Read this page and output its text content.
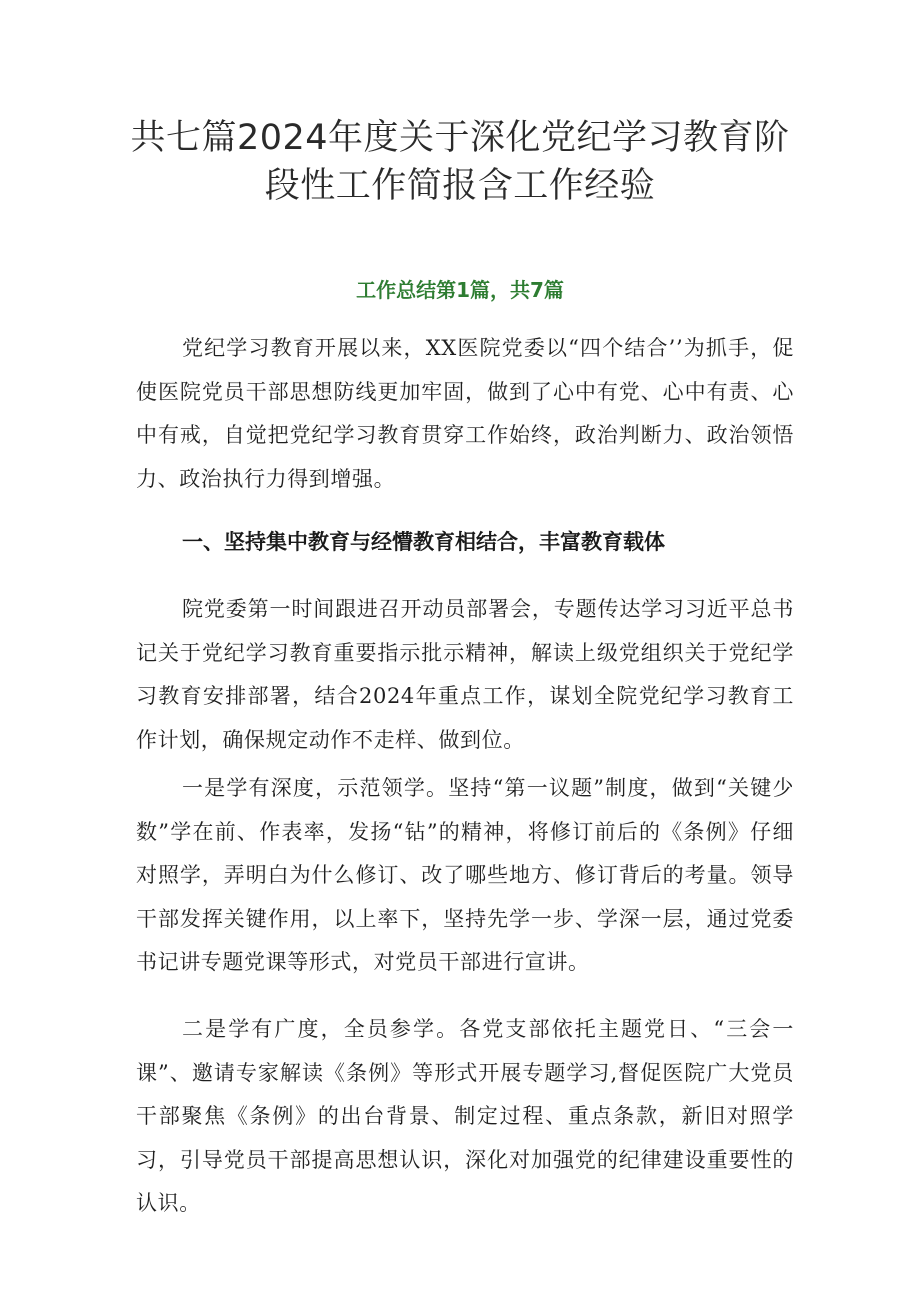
共七篇2024年度关于深化党纪学习教育阶
段性工作简报含工作经验

工作总结第1篇，共7篇

党纪学习教育开展以来，XX医院党委以“四个结合’’为抓手，促使医院党员干部思想防线更加牢固，做到了心中有党、心中有责、心中有戒，自觉把党纪学习教育贯穿工作始终，政治判断力、政治领悟力、政治执行力得到增强。

一、坚持集中教育与经懵教育相结合，丰富教育载体

院党委第一时间跟进召开动员部署会，专题传达学习习近平总书记关于党纪学习教育重要指示批示精神，解读上级党组织关于党纪学习教育安排部署，结合2024年重点工作，谋划全院党纪学习教育工作计划，确保规定动作不走样、做到位。

一是学有深度，示范领学。坚持“第一议题”制度，做到“关键少数”学在前、作表率，发扬“钻”的精神，将修订前后的《条例》仔细对照学，弄明白为什么修订、改了哪些地方、修订背后的考量。领导干部发挥关键作用，以上率下，坚持先学一步、学深一层，通过党委书记讲专题党课等形式，对党员干部进行宣讲。

二是学有广度，全员参学。各党支部依托主题党日、“三会一课”、邀请专家解读《条例》等形式开展专题学习,督促医院广大党员干部聚焦《条例》的出台背景、制定过程、重点条款，新旧对照学习，引导党员干部提高思想认识，深化对加强党的纪律建设重要性的认识。
